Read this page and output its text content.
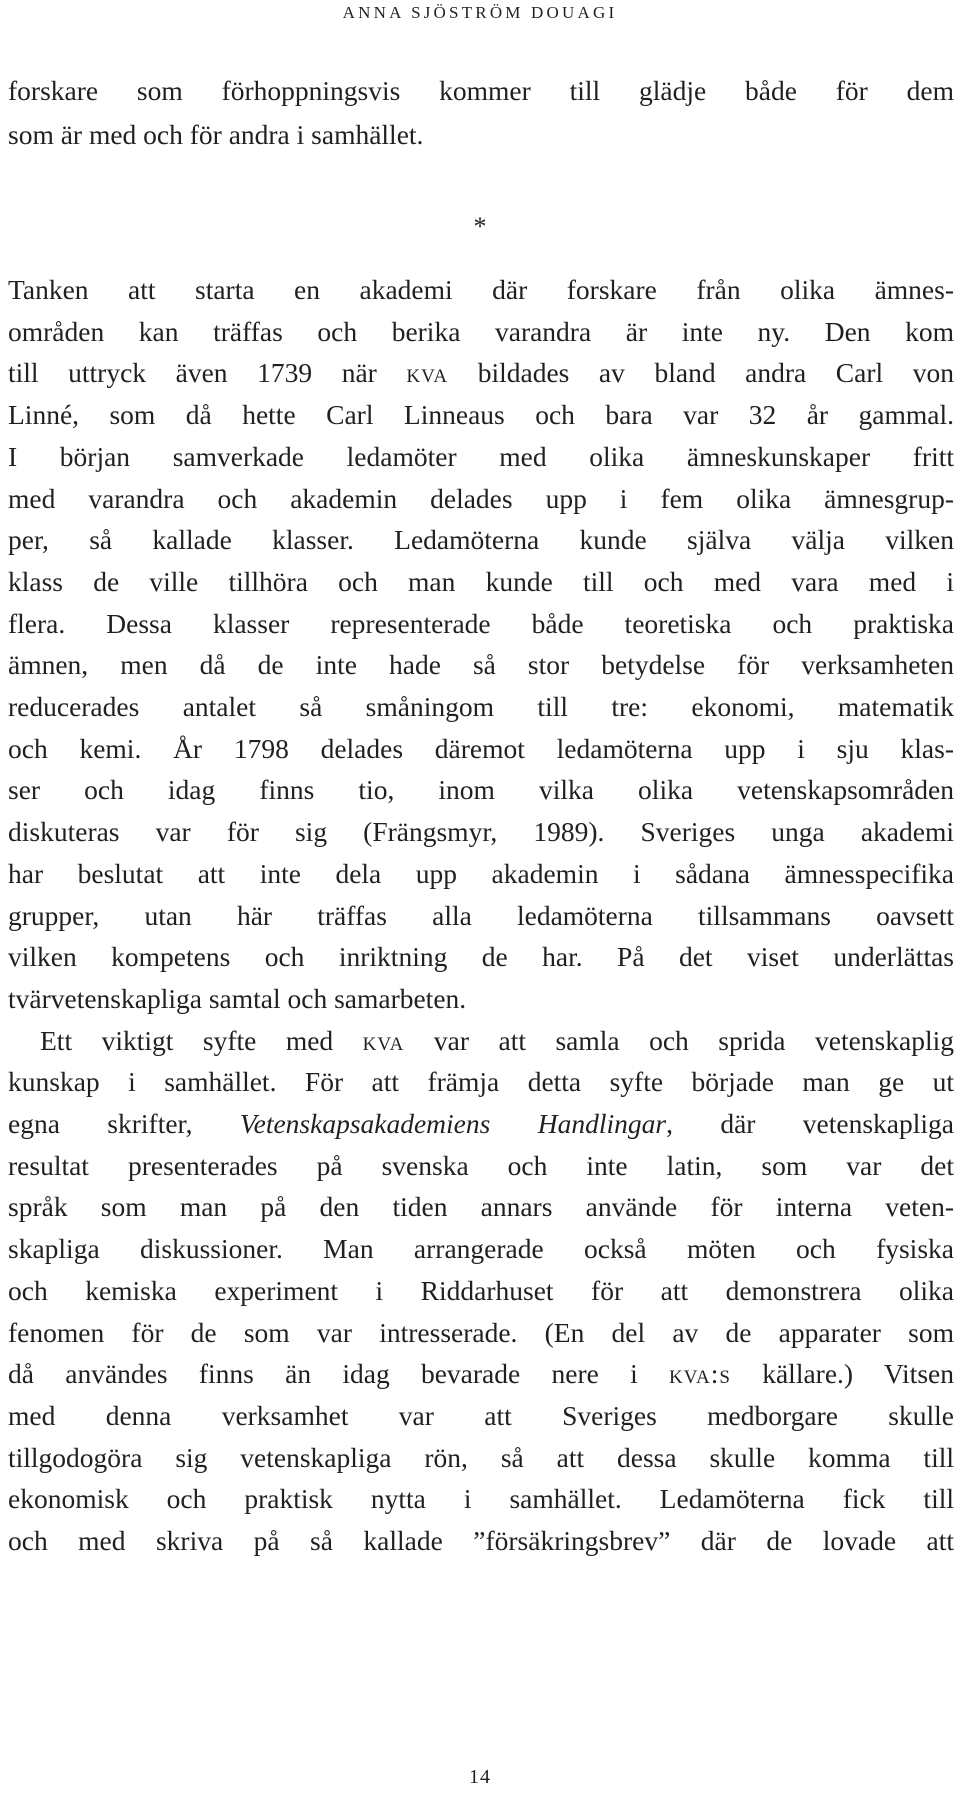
ANNA SJÖSTRÖM DOUAGI
*
forskare som förhoppningsvis kommer till glädje både för dem
som är med och för andra i samhället.
Tanken att starta en akademi där forskare från olika ämnes-
områden kan träffas och berika varandra är inte ny. Den kom
till uttryck även 1739 när kva bildades av bland andra Carl von
Linné, som då hette Carl Linneaus och bara var 32 år gammal.
I början samverkade ledamöter med olika ämneskunskaper fritt
med varandra och akademin delades upp i fem olika ämnesgrup-
per, så kallade klasser. Ledamöterna kunde själva välja vilken
klass de ville tillhöra och man kunde till och med vara med i
flera. Dessa klasser representerade både teoretiska och praktiska
ämnen, men då de inte hade så stor betydelse för verksamheten
reducerades antalet så småningom till tre: ekonomi, matematik
och kemi. År 1798 delades däremot ledamöterna upp i sju klas-
ser och idag finns tio, inom vilka olika vetenskapsområden
diskuteras var för sig (Frängsmyr, 1989). Sveriges unga akademi
har beslutat att inte dela upp akademin i sådana ämnesspecifika
grupper, utan här träffas alla ledamöterna tillsammans oavsett
vilken kompetens och inriktning de har. På det viset underlättas
tvärvetenskapliga samtal och samarbeten.
Ett viktigt syfte med kva var att samla och sprida vetenskaplig
kunskap i samhället. För att främja detta syfte började man ge ut
egna skrifter, Vetenskapsakademiens Handlingar, där vetenskapliga
resultat presenterades på svenska och inte latin, som var det
språk som man på den tiden annars använde för interna veten-
skapliga diskussioner. Man arrangerade också möten och fysiska
och kemiska experiment i Riddarhuset för att demonstrera olika
fenomen för de som var intresserade. (En del av de apparater som
då användes finns än idag bevarade nere i kva:s källare.) Vitsen
med denna verksamhet var att Sveriges medborgare skulle
tillgodogöra sig vetenskapliga rön, så att dessa skulle komma till
ekonomisk och praktisk nytta i samhället. Ledamöterna fick till
och med skriva på så kallade ”försäkringsbrev” där de lovade att
14
